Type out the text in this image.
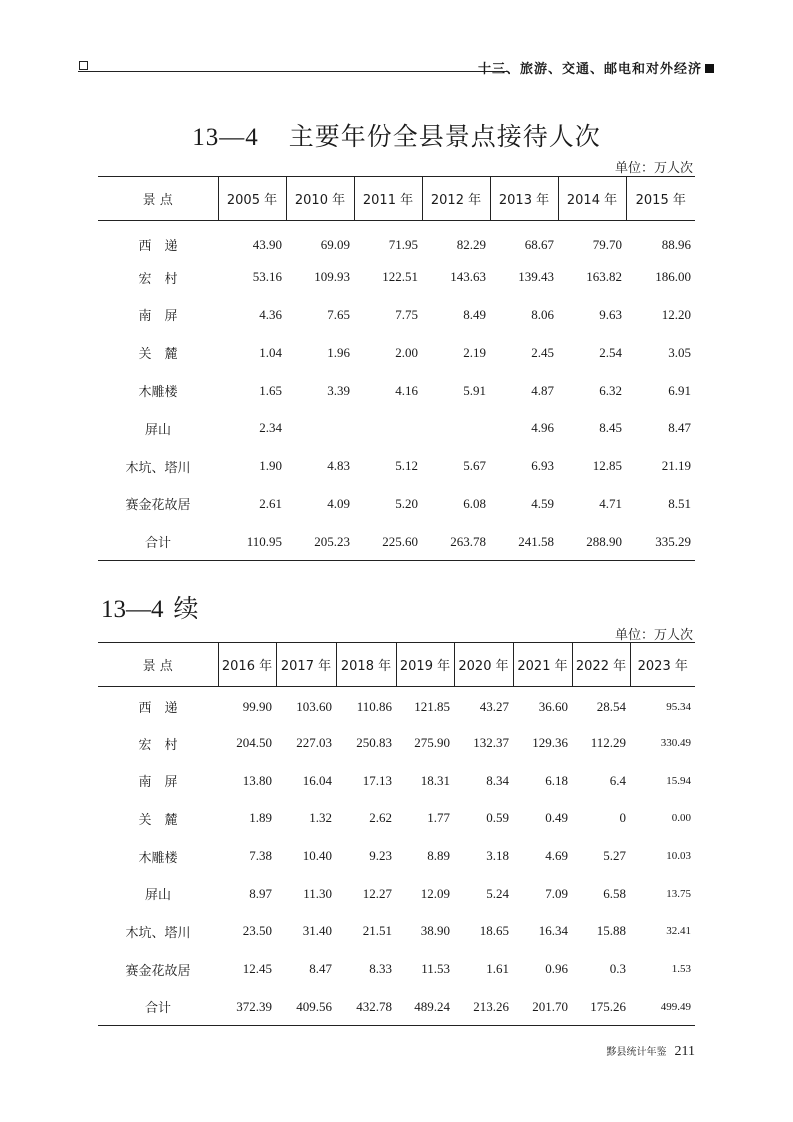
十三、旅游、交通、邮电和对外经济
13—4 主要年份全县景点接待人次
单位：万人次
景 点	2005 年	2010 年	2011 年	2012 年	2013 年	2014 年	2015 年
西　递	43.90	69.09	71.95	82.29	68.67	79.70	88.96
宏　村	53.16	109.93	122.51	143.63	139.43	163.82	186.00
南　屏	4.36	7.65	7.75	8.49	8.06	9.63	12.20
关　麓	1.04	1.96	2.00	2.19	2.45	2.54	3.05
木雕楼	1.65	3.39	4.16	5.91	4.87	6.32	6.91
屏山	2.34				4.96	8.45	8.47
木坑、塔川	1.90	4.83	5.12	5.67	6.93	12.85	21.19
赛金花故居	2.61	4.09	5.20	6.08	4.59	4.71	8.51
合计	110.95	205.23	225.60	263.78	241.58	288.90	335.29
13—4 续
单位：万人次
景 点	2016 年	2017 年	2018 年	2019 年	2020 年	2021 年	2022 年	2023 年
西　递	99.90	103.60	110.86	121.85	43.27	36.60	28.54	95.34
宏　村	204.50	227.03	250.83	275.90	132.37	129.36	112.29	330.49
南　屏	13.80	16.04	17.13	18.31	8.34	6.18	6.4	15.94
关　麓	1.89	1.32	2.62	1.77	0.59	0.49	0	0.00
木雕楼	7.38	10.40	9.23	8.89	3.18	4.69	5.27	10.03
屏山	8.97	11.30	12.27	12.09	5.24	7.09	6.58	13.75
木坑、塔川	23.50	31.40	21.51	38.90	18.65	16.34	15.88	32.41
赛金花故居	12.45	8.47	8.33	11.53	1.61	0.96	0.3	1.53
合计	372.39	409.56	432.78	489.24	213.26	201.70	175.26	499.49
黟县统计年鉴 211
